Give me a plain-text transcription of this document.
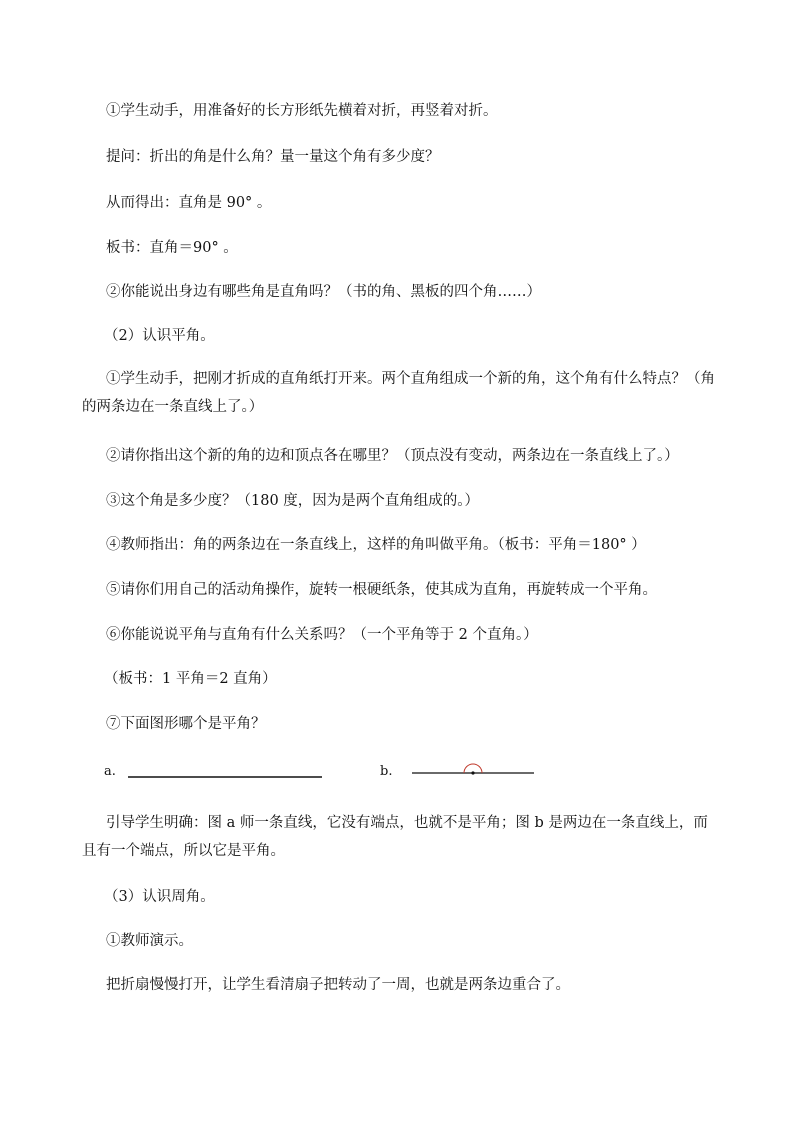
①学生动手，用准备好的长方形纸先横着对折，再竖着对折。
提问：折出的角是什么角？量一量这个角有多少度？
从而得出：直角是 90° 。
板书：直角＝90° 。
②你能说出身边有哪些角是直角吗？（书的角、黑板的四个角……）
（2）认识平角。
①学生动手，把刚才折成的直角纸打开来。两个直角组成一个新的角，这个角有什么特点？（角的两条边在一条直线上了。）
②请你指出这个新的角的边和顶点各在哪里？（顶点没有变动，两条边在一条直线上了。）
③这个角是多少度？（180 度，因为是两个直角组成的。）
④教师指出：角的两条边在一条直线上，这样的角叫做平角。（板书：平角＝180° ）
⑤请你们用自己的活动角操作，旋转一根硬纸条，使其成为直角，再旋转成一个平角。
⑥你能说说平角与直角有什么关系吗？（一个平角等于 2 个直角。）
（板书：1 平角＝2 直角）
⑦下面图形哪个是平角？
a.	b.
引导学生明确：图 a 师一条直线，它没有端点，也就不是平角；图 b 是两边在一条直线上，而且有一个端点，所以它是平角。
（3）认识周角。
①教师演示。
把折扇慢慢打开，让学生看清扇子把转动了一周，也就是两条边重合了。
